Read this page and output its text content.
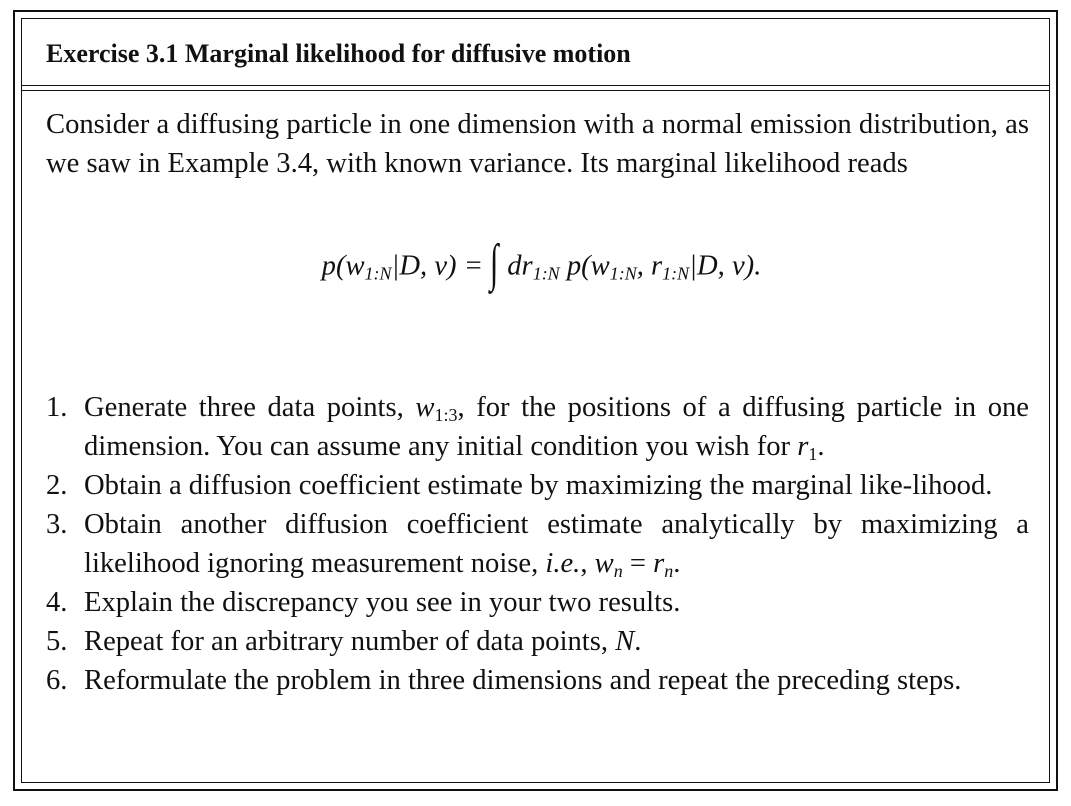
Exercise 3.1 Marginal likelihood for diffusive motion

Consider a diffusing particle in one dimension with a normal emission distribution, as we saw in Example 3.4, with known variance. Its marginal likelihood reads

$p(w_{1:N}|D$, v) = ∫ $dr_{1:N}$ $p(w_{1:N}$, $r_{1:N}|D$, v).
1. Generate three data points, $w_{1:3}$, for the positions of a diffusing particle in one dimension. You can assume any initial condition you wish for $r_1$.
2. Obtain a diffusion coefficient estimate by maximizing the marginal like-lihood.
3. Obtain another diffusion coefficient estimate analytically by maximizing a likelihood ignoring measurement noise, i.e., $w_n = r_n$.
4. Explain the discrepancy you see in your two results.
5. Repeat for an arbitrary number of data points, N.
6. Reformulate the problem in three dimensions and repeat the preceding steps.
